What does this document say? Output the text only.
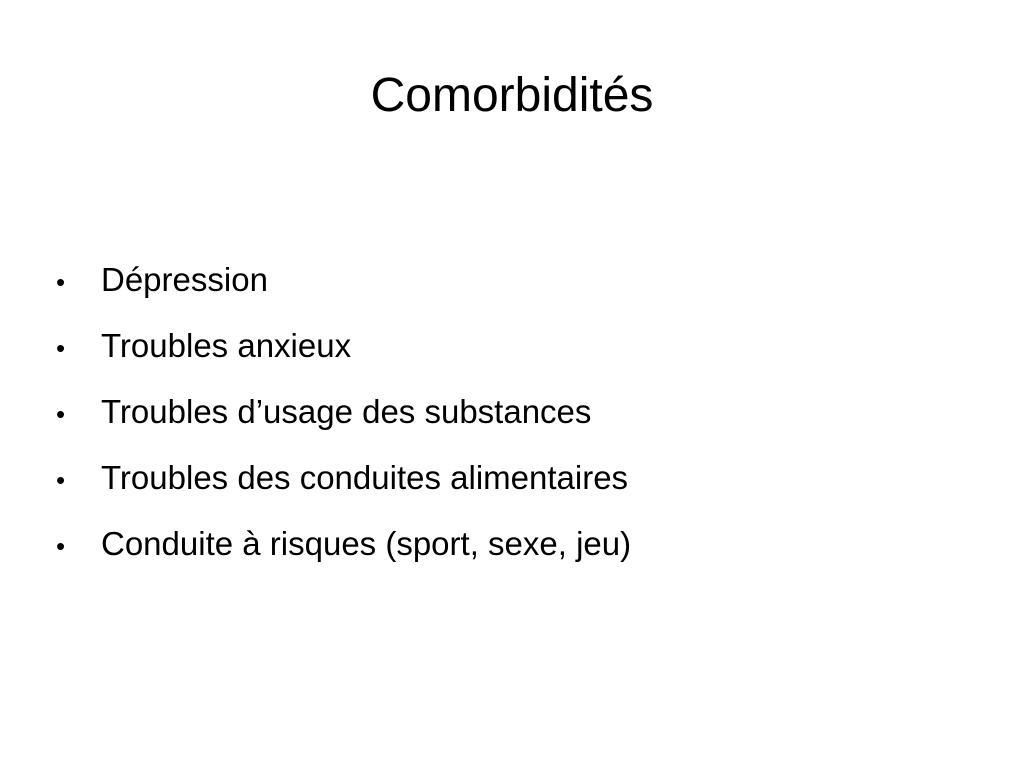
Comorbidités
•	Dépression
•	Troubles anxieux
•	Troubles d’usage des substances
•	Troubles des conduites alimentaires
•	Conduite à risques (sport, sexe, jeu)
